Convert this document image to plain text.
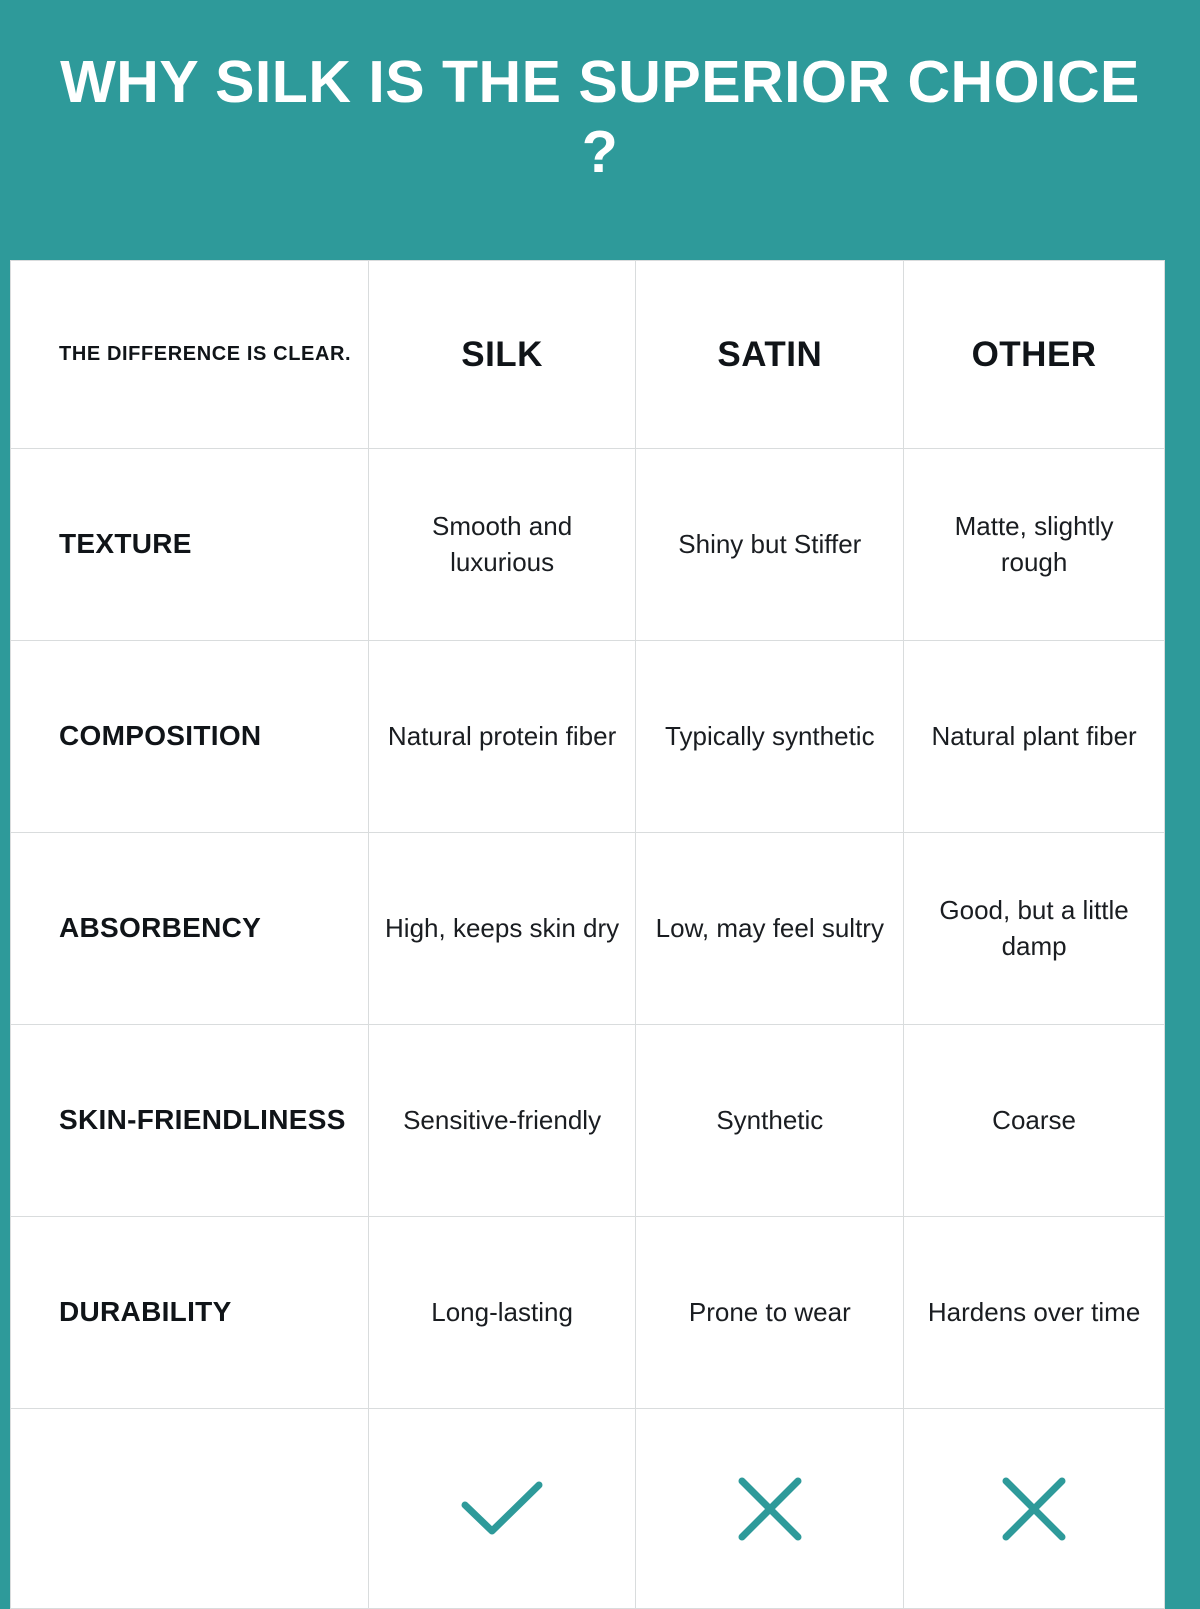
WHY SILK IS THE SUPERIOR CHOICE ?
THE DIFFERENCE IS CLEAR.	SILK	SATIN	OTHER

TEXTURE	Smooth and luxurious	Shiny but Stiffer	Matte, slightly rough

COMPOSITION	Natural protein fiber	Typically synthetic	Natural plant fiber

ABSORBENCY	High, keeps skin dry	Low, may feel sultry	Good, but a little damp

SKIN-FRIENDLINESS	Sensitive-friendly	Synthetic	Coarse

DURABILITY	Long-lasting	Prone to wear	Hardens over time

BEST CHOICE
